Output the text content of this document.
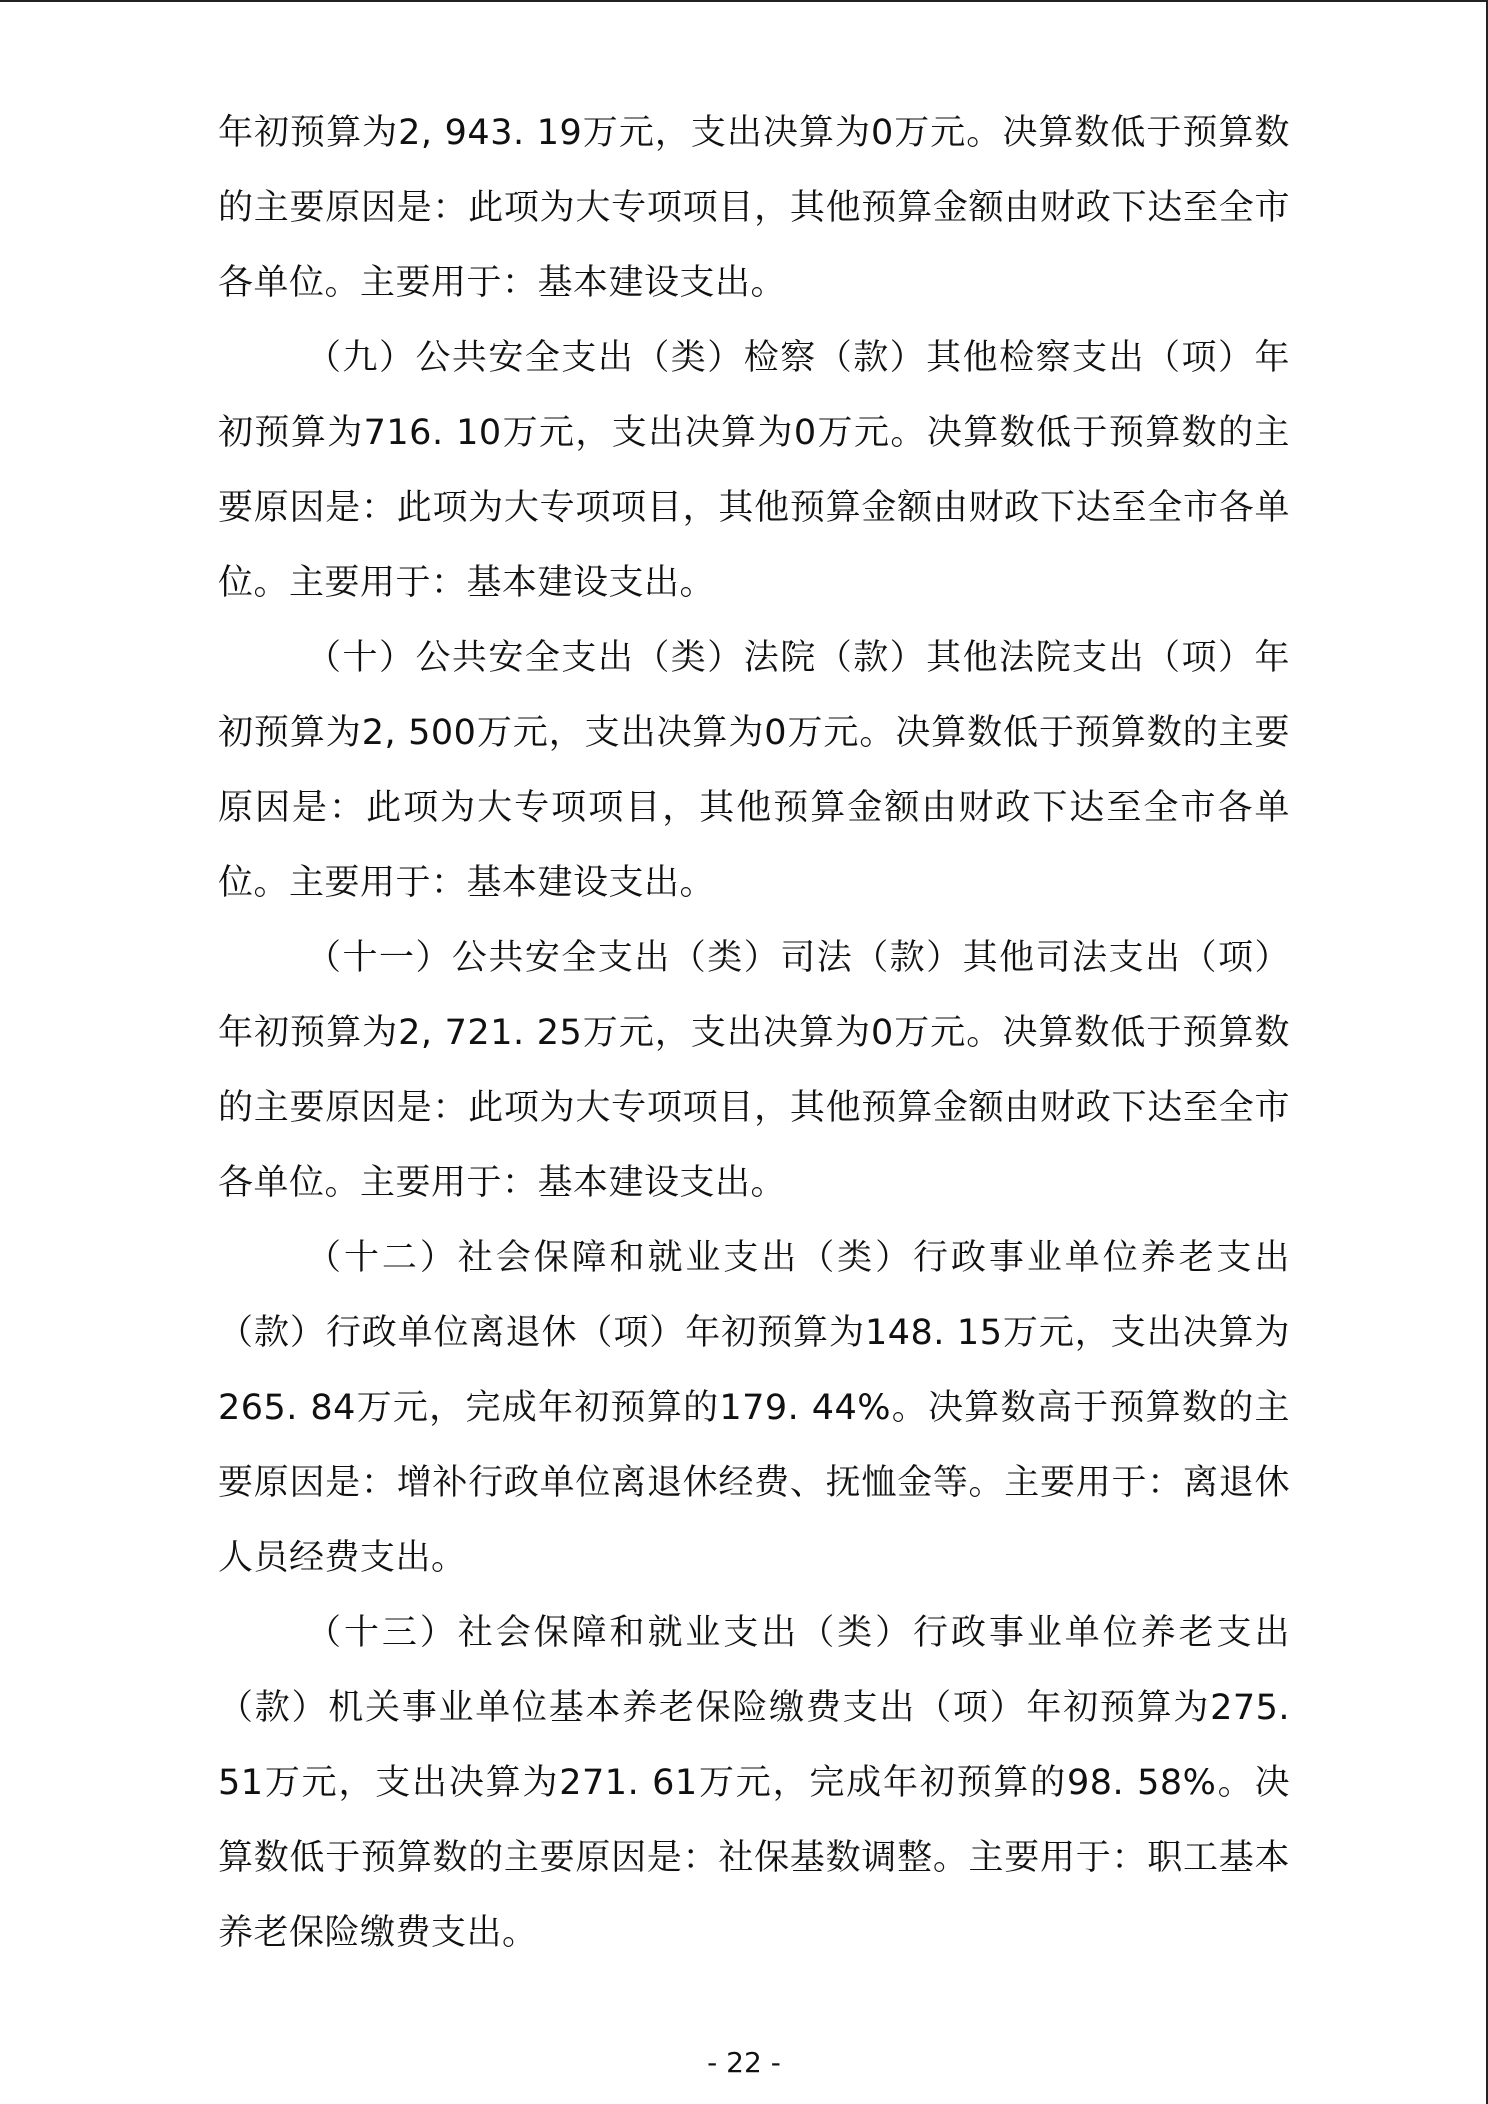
年初预算为2, 943. 19万元，支出决算为0万元。决算数低于预算数的主要原因是：此项为大专项项目，其他预算金额由财政下达至全市各单位。主要用于：基本建设支出。

（九）公共安全支出（类）检察（款）其他检察支出（项）年初预算为716. 10万元，支出决算为0万元。决算数低于预算数的主要原因是：此项为大专项项目，其他预算金额由财政下达至全市各单位。主要用于：基本建设支出。

（十）公共安全支出（类）法院（款）其他法院支出（项）年初预算为2, 500万元，支出决算为0万元。决算数低于预算数的主要原因是：此项为大专项项目，其他预算金额由财政下达至全市各单位。主要用于：基本建设支出。

（十一）公共安全支出（类）司法（款）其他司法支出（项）年初预算为2, 721. 25万元，支出决算为0万元。决算数低于预算数的主要原因是：此项为大专项项目，其他预算金额由财政下达至全市各单位。主要用于：基本建设支出。

（十二）社会保障和就业支出（类）行政事业单位养老支出（款）行政单位离退休（项）年初预算为148. 15万元，支出决算为265. 84万元，完成年初预算的179. 44%。决算数高于预算数的主要原因是：增补行政单位离退休经费、抚恤金等。主要用于：离退休人员经费支出。

（十三）社会保障和就业支出（类）行政事业单位养老支出（款）机关事业单位基本养老保险缴费支出（项）年初预算为275. 51万元，支出决算为271. 61万元，完成年初预算的98. 58%。决算数低于预算数的主要原因是：社保基数调整。主要用于：职工基本养老保险缴费支出。

- 22 -
